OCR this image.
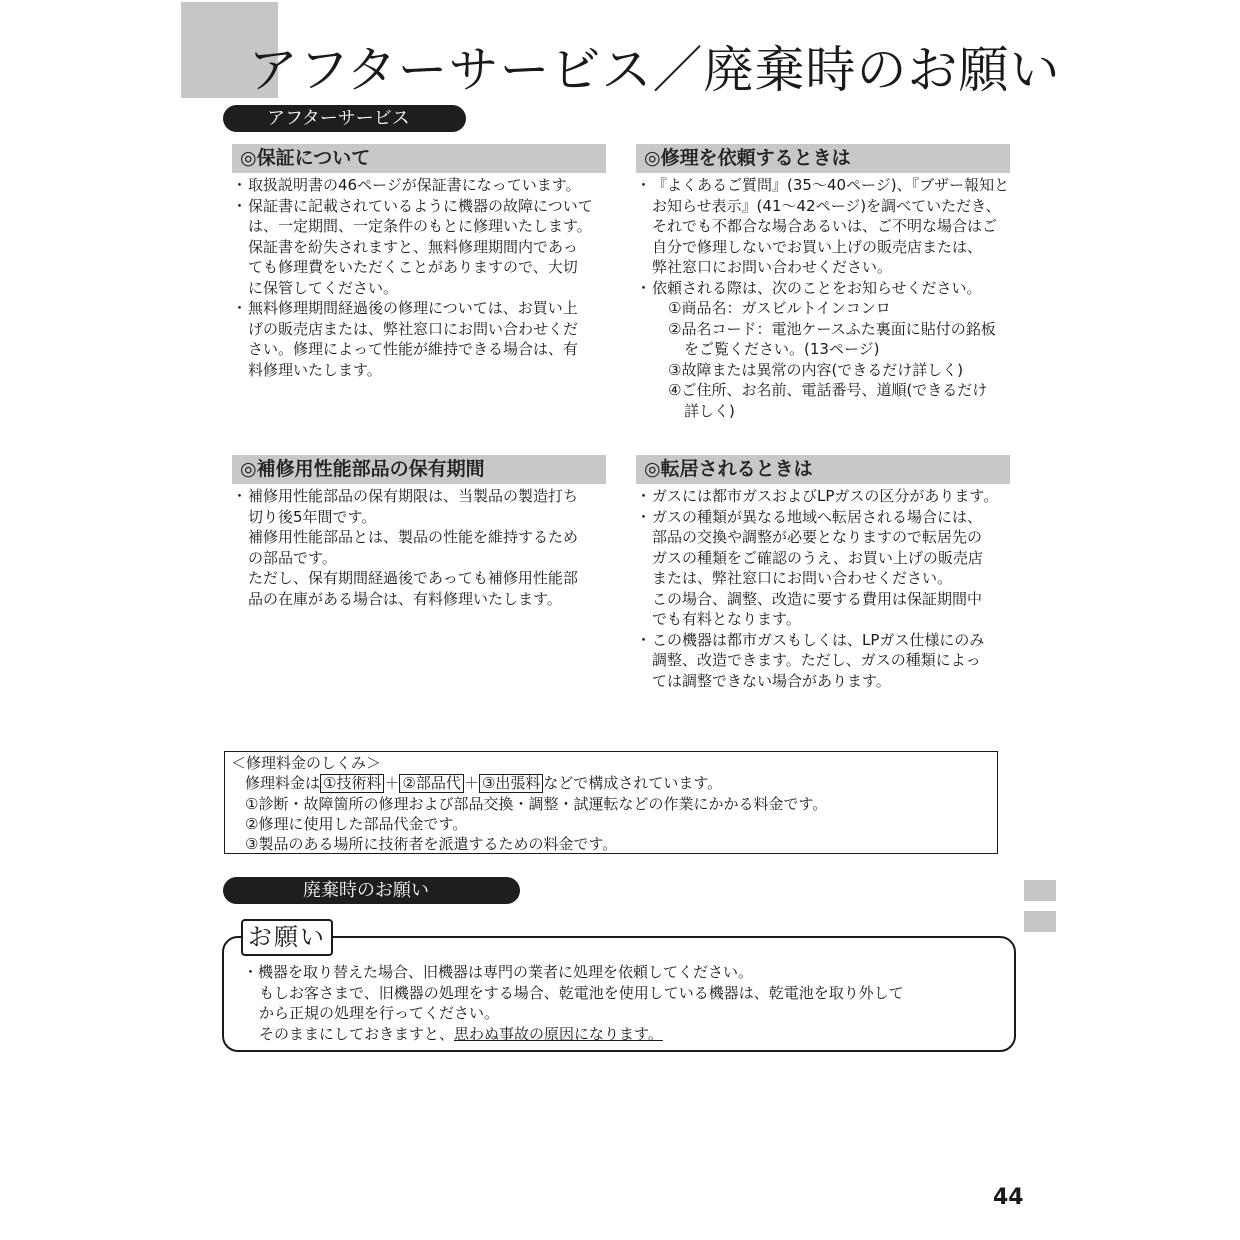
アフターサービス／廃棄時のお願い
アフターサービス
◎保証について
・ 取扱説明書の46ページが保証書になっています。
・ 保証書に記載されているように機器の故障について
は、一定期間、一定条件のもとに修理いたします。
保証書を紛失されますと、無料修理期間内であっ
ても修理費をいただくことがありますので、大切
に保管してください。
・ 無料修理期間経過後の修理については、お買い上
げの販売店または、弊社窓口にお問い合わせくだ
さい。修理によって性能が維持できる場合は、有
料修理いたします。
◎修理を依頼するときは
・ 『よくあるご質問』(35〜40ページ)、『ブザー報知と
お知らせ表示』(41〜42ページ)を調べていただき、
それでも不都合な場合あるいは、ご不明な場合はご
自分で修理しないでお買い上げの販売店または、
弊社窓口にお問い合わせください。
・ 依頼される際は、次のことをお知らせください。
①商品名：ガスビルトインコンロ
②品名コード：電池ケースふた裏面に貼付の銘板
をご覧ください。(13ページ)
③故障または異常の内容(できるだけ詳しく)
④ご住所、お名前、電話番号、道順(できるだけ
詳しく)
◎補修用性能部品の保有期間
・ 補修用性能部品の保有期限は、当製品の製造打ち
切り後5年間です。
補修用性能部品とは、製品の性能を維持するため
の部品です。
ただし、保有期間経過後であっても補修用性能部
品の在庫がある場合は、有料修理いたします。
◎転居されるときは
・ ガスには都市ガスおよびLPガスの区分があります。
・ ガスの種類が異なる地域へ転居される場合には、
部品の交換や調整が必要となりますので転居先の
ガスの種類をご確認のうえ、お買い上げの販売店
または、弊社窓口にお問い合わせください。
この場合、調整、改造に要する費用は保証期間中
でも有料となります。
・ この機器は都市ガスもしくは、LPガス仕様にのみ
調整、改造できます。ただし、ガスの種類によっ
ては調整できない場合があります。
＜修理料金のしくみ＞
修理料金は ①技術料 ＋ ②部品代 ＋ ③出張料 などで構成されています。
①診断・故障箇所の修理および部品交換・調整・試運転などの作業にかかる料金です。
②修理に使用した部品代金です。
③製品のある場所に技術者を派遣するための料金です。
廃棄時のお願い
お願い
・機器を取り替えた場合、旧機器は専門の業者に処理を依頼してください。
もしお客さまで、旧機器の処理をする場合、乾電池を使用している機器は、乾電池を取り外して
から正規の処理を行ってください。
そのままにしておきますと、思わぬ事故の原因になります。
44
